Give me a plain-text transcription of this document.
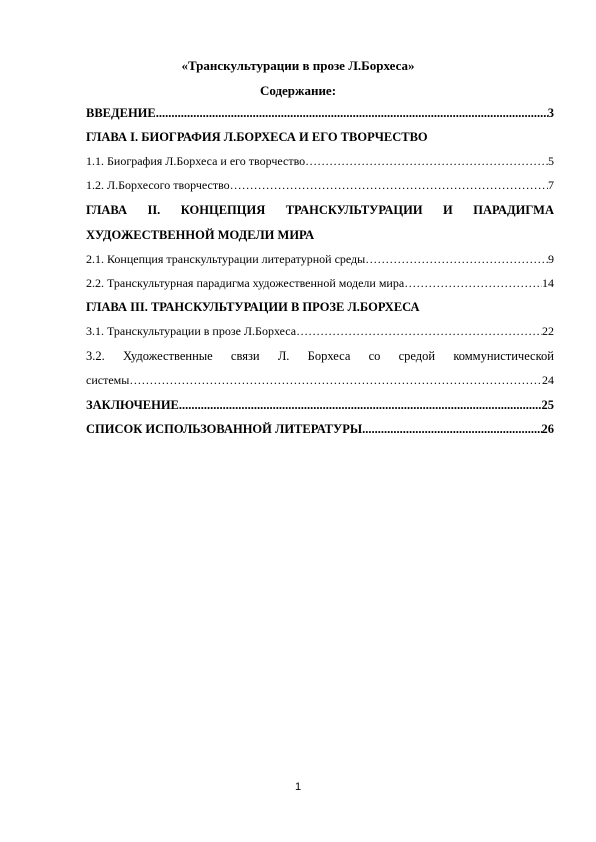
«Транскультурации в прозе Л.Борхеса»
Содержание:
ВВЕДЕНИЕ .....	3
ГЛАВА I. БИОГРАФИЯ Л.БОРХЕСА И ЕГО ТВОРЧЕСТВО
1.1. Биография Л.Борхеса и его творчество …………………………………………………………………………………………………………………………………………	5
1.2. Л.Борхесого творчество …………………………………………………………………………………………………………………………………………	7
ГЛАВА II. КОНЦЕПЦИЯ ТРАНСКУЛЬТУРАЦИИ И ПАРАДИГМА
ХУДОЖЕСТВЕННОЙ МОДЕЛИ МИРА
2.1. Концепция транскультурации литературной среды …………………………………………………………………………………………………………………………………………	9
2.2. Транскультурная парадигма художественной модели мира …………………………………………………………………………………………………………………………………………	14
ГЛАВА III. ТРАНСКУЛЬТУРАЦИИ В ПРОЗЕ Л.БОРХЕСА
3.1. Транскультурации в прозе Л.Борхеса …………………………………………………………………………………………………………………………………………	22
3.2. Художественные связи Л. Борхеса со средой коммунистической
системы …………………………………………………………………………………………………………………………………………	24
ЗАКЛЮЧЕНИЕ .....	25
СПИСОК ИСПОЛЬЗОВАННОЙ ЛИТЕРАТУРЫ .....	26
1
